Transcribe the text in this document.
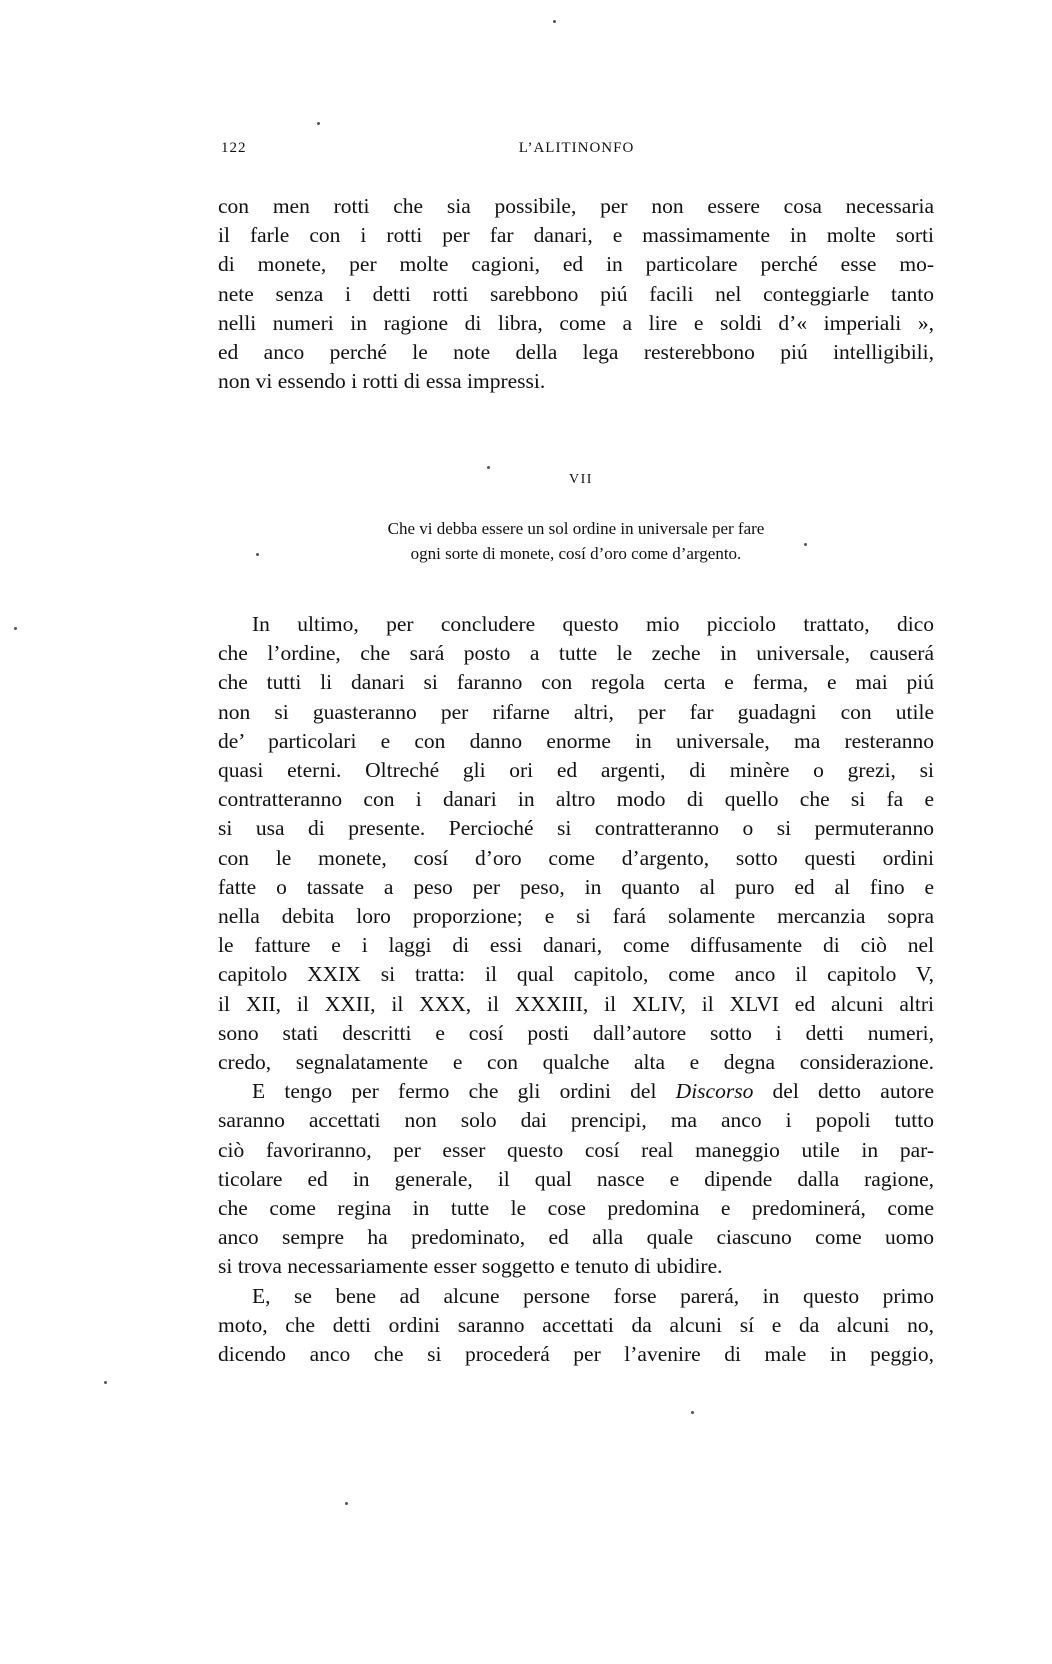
122	L’ALITINONFO
con men rotti che sia possibile, per non essere cosa necessaria
il farle con i rotti per far danari, e massimamente in molte sorti
di monete, per molte cagioni, ed in particolare perché esse mo-
nete senza i detti rotti sarebbono piú facili nel conteggiarle tanto
nelli numeri in ragione di libra, come a lire e soldi d’« imperiali »,
ed anco perché le note della lega resterebbono piú intelligibili,
non vi essendo i rotti di essa impressi.
VII
Che vi debba essere un sol ordine in universale per fare
ogni sorte di monete, cosí d’oro come d’argento.
In ultimo, per concludere questo mio picciolo trattato, dico
che l’ordine, che sará posto a tutte le zeche in universale, causerá
che tutti li danari si faranno con regola certa e ferma, e mai piú
non si guasteranno per rifarne altri, per far guadagni con utile
de’ particolari e con danno enorme in universale, ma resteranno
quasi eterni. Oltreché gli ori ed argenti, di minère o grezi, si
contratteranno con i danari in altro modo di quello che si fa e
si usa di presente. Percioché si contratteranno o si permuteranno
con le monete, cosí d’oro come d’argento, sotto questi ordini
fatte o tassate a peso per peso, in quanto al puro ed al fino e
nella debita loro proporzione; e si fará solamente mercanzia sopra
le fatture e i laggi di essi danari, come diffusamente di ciò nel
capitolo XXIX si tratta: il qual capitolo, come anco il capitolo V,
il XII, il XXII, il XXX, il XXXIII, il XLIV, il XLVI ed alcuni altri
sono stati descritti e cosí posti dall’autore sotto i detti numeri,
credo, segnalatamente e con qualche alta e degna considerazione.
E tengo per fermo che gli ordini del Discorso del detto autore
saranno accettati non solo dai prencipi, ma anco i popoli tutto
ciò favoriranno, per esser questo cosí real maneggio utile in par-
ticolare ed in generale, il qual nasce e dipende dalla ragione,
che come regina in tutte le cose predomina e predominerá, come
anco sempre ha predominato, ed alla quale ciascuno come uomo
si trova necessariamente esser soggetto e tenuto di ubidire.
E, se bene ad alcune persone forse parerá, in questo primo
moto, che detti ordini saranno accettati da alcuni sí e da alcuni no,
dicendo anco che si procederá per l’avenire di male in peggio,
